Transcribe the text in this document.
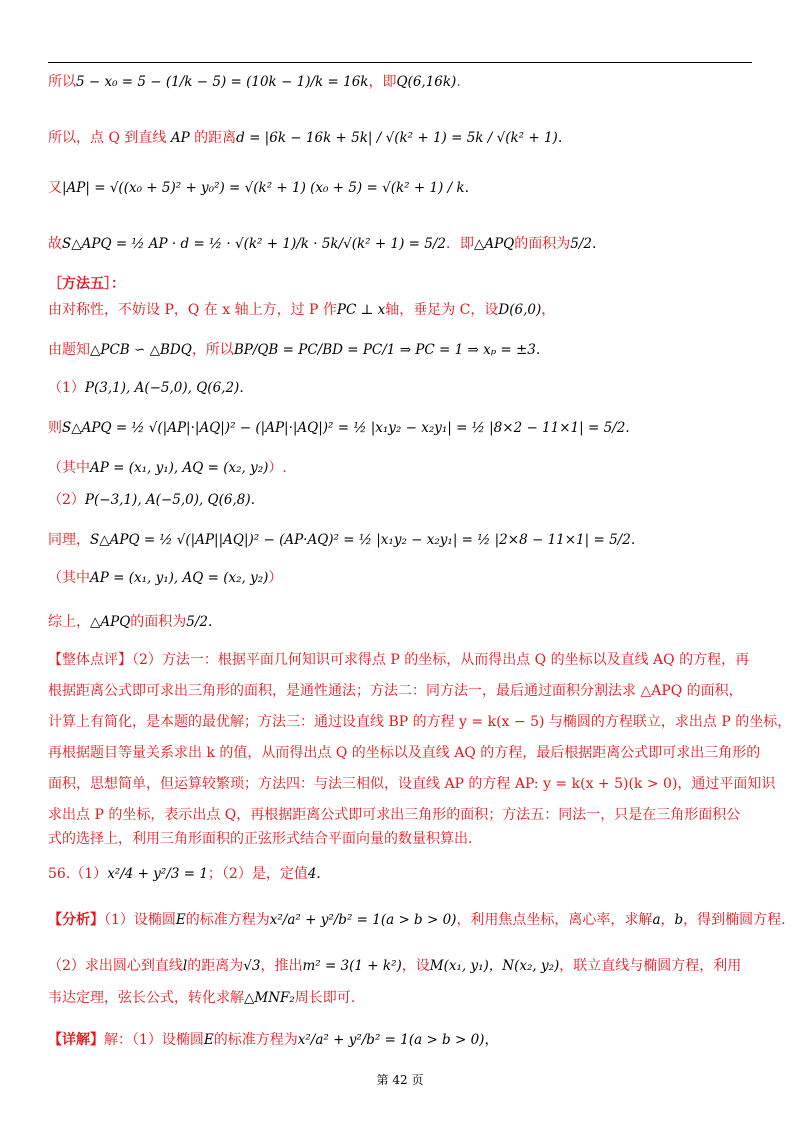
所以5 − x₀ = 5 − (1/k − 5) = (10k − 1)/k = 16k，即Q(6,16k).
所以，点 Q 到直线 AP 的距离d = |6k − 16k + 5k| / √(k² + 1) = 5k / √(k² + 1).
又|AP| = √((x₀ + 5)² + y₀²) = √(k² + 1) (x₀ + 5) = √(k² + 1) / k.
故S△APQ = ½ AP · d = ½ · √(k² + 1)/k · 5k/√(k² + 1) = 5/2．即△APQ的面积为5/2.
［方法五］：
由对称性，不妨设 P，Q 在 x 轴上方，过 P 作PC ⊥ x轴，垂足为 C，设D(6,0)，
由题知△PCB ∽ △BDQ，所以BP/QB = PC/BD = PC/1 ⇒ PC = 1 ⇒ xₚ = ±3.
（1）P(3,1), A(−5,0), Q(6,2).
则S△APQ = ½ √(|AP|·|AQ|)² − (|AP|·|AQ|)² = ½ |x₁y₂ − x₂y₁| = ½ |8×2 − 11×1| = 5/2.
（其中AP = (x₁, y₁), AQ = (x₂, y₂)）.
（2）P(−3,1), A(−5,0), Q(6,8).
同理，S△APQ = ½ √(|AP||AQ|)² − (AP·AQ)² = ½ |x₁y₂ − x₂y₁| = ½ |2×8 − 11×1| = 5/2.
（其中AP = (x₁, y₁), AQ = (x₂, y₂)）
综上，△APQ的面积为5/2.
【整体点评】（2）方法一：根据平面几何知识可求得点 P 的坐标，从而得出点 Q 的坐标以及直线 AQ 的方程，再
根据距离公式即可求出三角形的面积，是通性通法；方法二：同方法一，最后通过面积分割法求 △APQ 的面积，
计算上有简化，是本题的最优解；方法三：通过设直线 BP 的方程 y = k(x − 5) 与椭圆的方程联立，求出点 P 的坐标，
再根据题目等量关系求出 k 的值，从而得出点 Q 的坐标以及直线 AQ 的方程，最后根据距离公式即可求出三角形的
面积，思想简单，但运算较繁琐；方法四：与法三相似，设直线 AP 的方程 AP: y = k(x + 5)(k > 0)，通过平面知识
求出点 P 的坐标，表示出点 Q，再根据距离公式即可求出三角形的面积；方法五：同法一，只是在三角形面积公
式的选择上，利用三角形面积的正弦形式结合平面向量的数量积算出.
56.（1）x²/4 + y²/3 = 1；（2）是，定值4.
【分析】（1）设椭圆E的标准方程为x²/a² + y²/b² = 1(a > b > 0)，利用焦点坐标，离心率，求解a，b，得到椭圆方程.
（2）求出圆心到直线l的距离为√3，推出m² = 3(1 + k²)，设M(x₁, y₁)，N(x₂, y₂)，联立直线与椭圆方程，利用
韦达定理，弦长公式，转化求解△MNF₂周长即可.
【详解】解：（1）设椭圆E的标准方程为x²/a² + y²/b² = 1(a > b > 0)，
第 42 页
